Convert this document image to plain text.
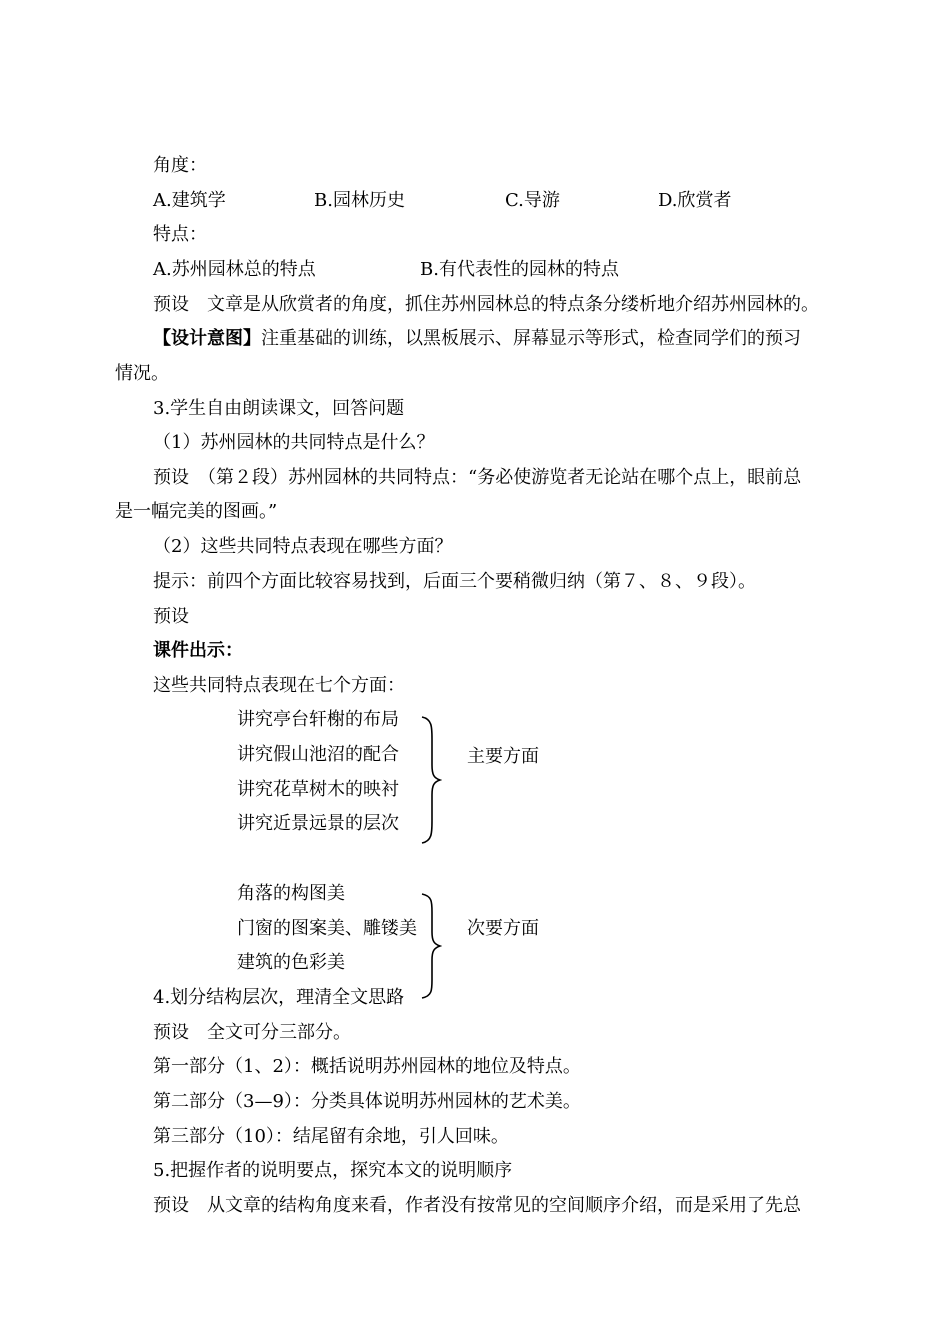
角度：
A.建筑学	B.园林历史	C.导游	D.欣赏者
特点：
A.苏州园林总的特点	B.有代表性的园林的特点
预设　文章是从欣赏者的角度，抓住苏州园林总的特点条分缕析地介绍苏州园林的。
【设计意图】注重基础的训练，以黑板展示、屏幕显示等形式，检查同学们的预习
情况。
3.学生自由朗读课文，回答问题
（1）苏州园林的共同特点是什么？
预设　（第２段）苏州园林的共同特点：“务必使游览者无论站在哪个点上，眼前总
是一幅完美的图画。”
（2）这些共同特点表现在哪些方面？
提示：前四个方面比较容易找到，后面三个要稍微归纳（第７、８、９段）。
预设
课件出示：
这些共同特点表现在七个方面：
讲究亭台轩榭的布局
讲究假山池沼的配合
讲究花草树木的映衬
讲究近景远景的层次
主要方面
角落的构图美
门窗的图案美、雕镂美
建筑的色彩美
次要方面
4.划分结构层次，理清全文思路
预设　全文可分三部分。
第一部分（1、2）：概括说明苏州园林的地位及特点。
第二部分（3—9）：分类具体说明苏州园林的艺术美。
第三部分（10）：结尾留有余地，引人回味。
5.把握作者的说明要点，探究本文的说明顺序
预设　从文章的结构角度来看，作者没有按常见的空间顺序介绍，而是采用了先总
